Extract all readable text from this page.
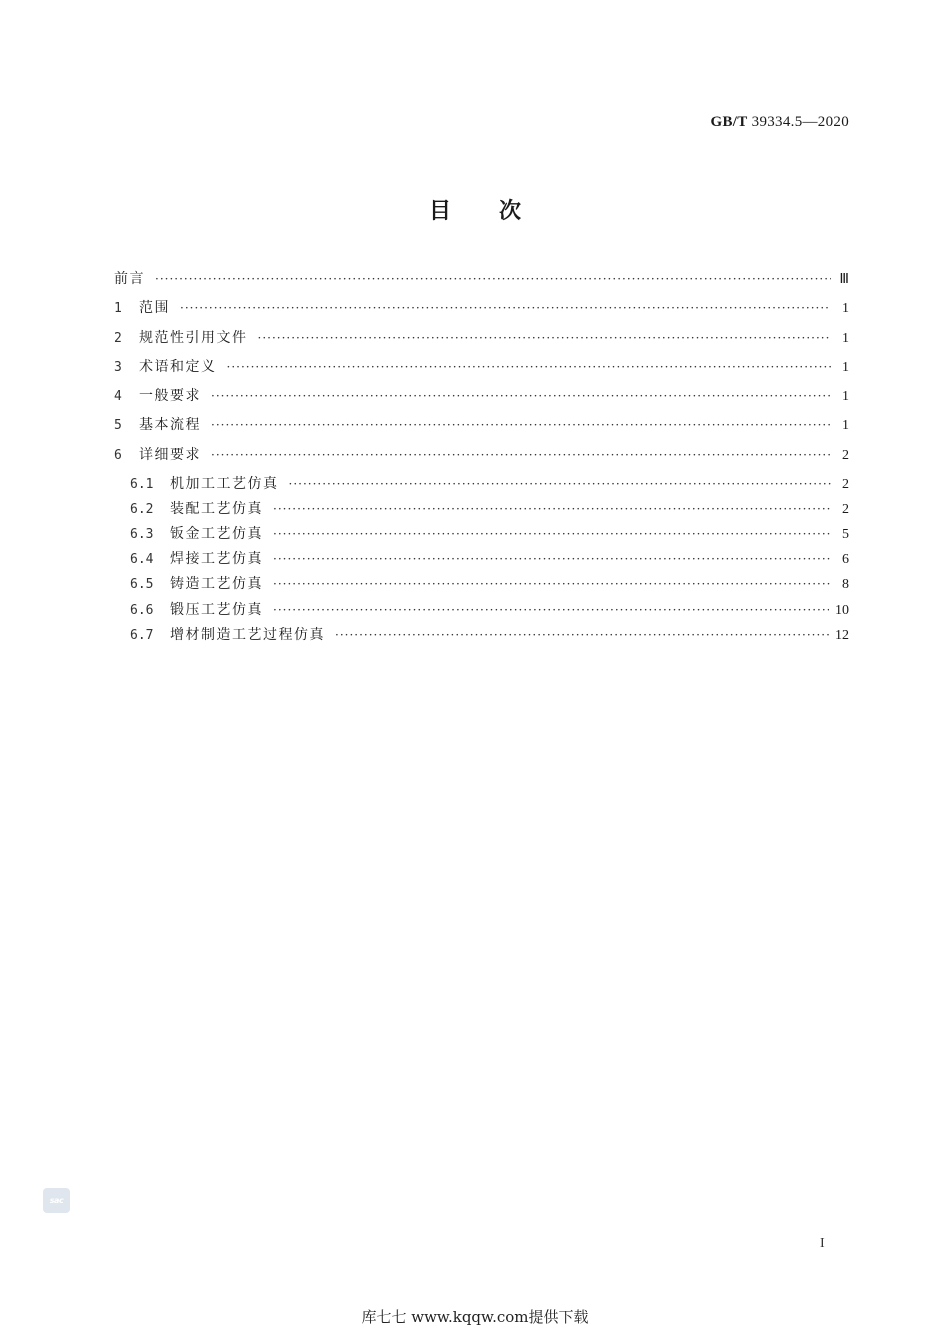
GB/T 39334.5—2020
目 次
前言 ·····	Ⅲ
1	范围 ·····	1
2	规范性引用文件 ·····	1
3	术语和定义 ·····	1
4	一般要求 ·····	1
5	基本流程 ·····	1
6	详细要求 ·····	2
6.1	机加工工艺仿真 ·····	2
6.2	装配工艺仿真 ·····	2
6.3	钣金工艺仿真 ·····	5
6.4	焊接工艺仿真 ·····	6
6.5	铸造工艺仿真 ·····	8
6.6	锻压工艺仿真 ·····	10
6.7	增材制造工艺过程仿真 ·····	12
sac
I
库七七 www.kqqw.com提供下载
